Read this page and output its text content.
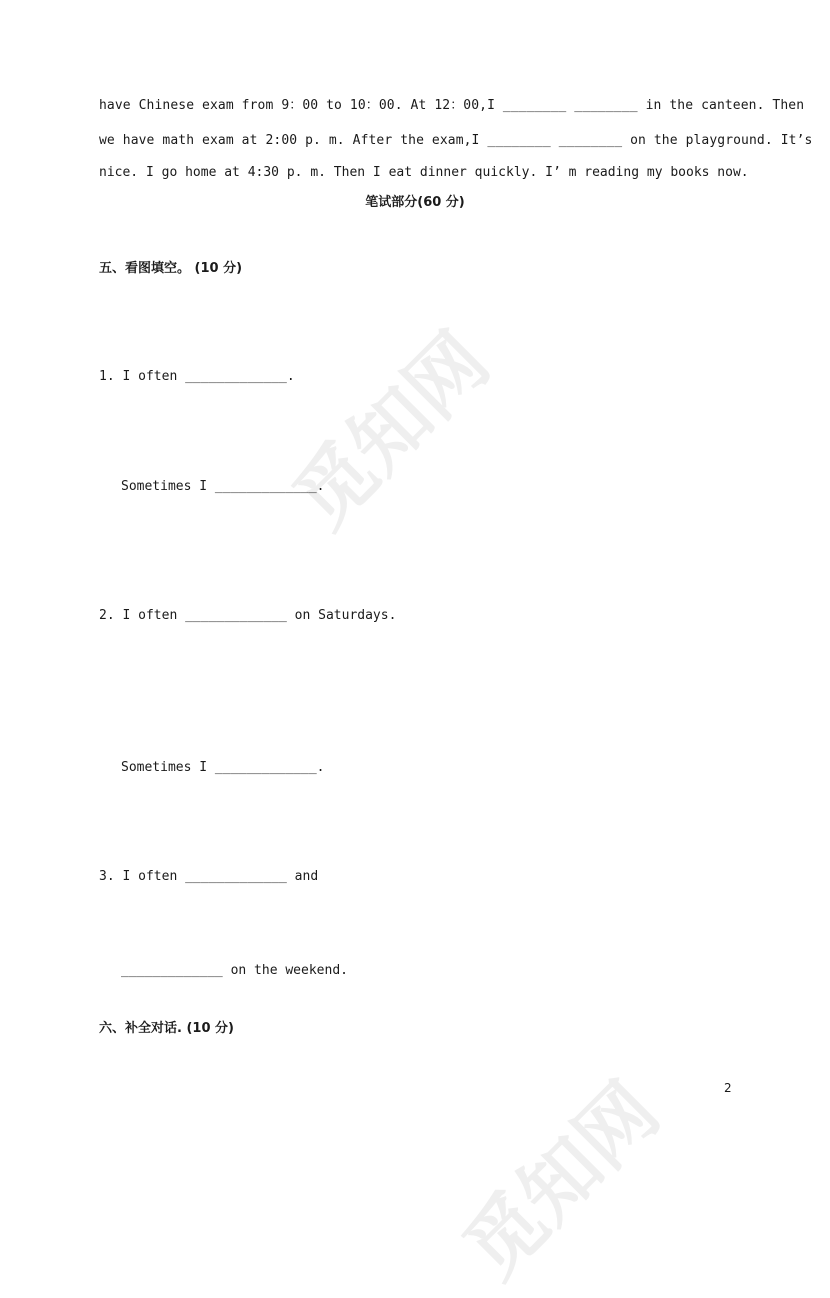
觅知网
觅知网
have Chinese exam from 9：00 to 10：00. At 12：00,I ________ ________ in the canteen. Then
we have math exam at 2:00 p. m. After the exam,I ________ ________ on the playground. It’s
nice. I go home at 4:30 p. m. Then I eat dinner quickly. I’ m reading my books now.
笔试部分(60 分)
五、看图填空。 (10 分)
1. I often _____________.
Sometimes I _____________.
2. I often _____________ on Saturdays.
Sometimes I _____________.
3. I often _____________ and
_____________ on the weekend.
六、补全对话. (10 分)
2
